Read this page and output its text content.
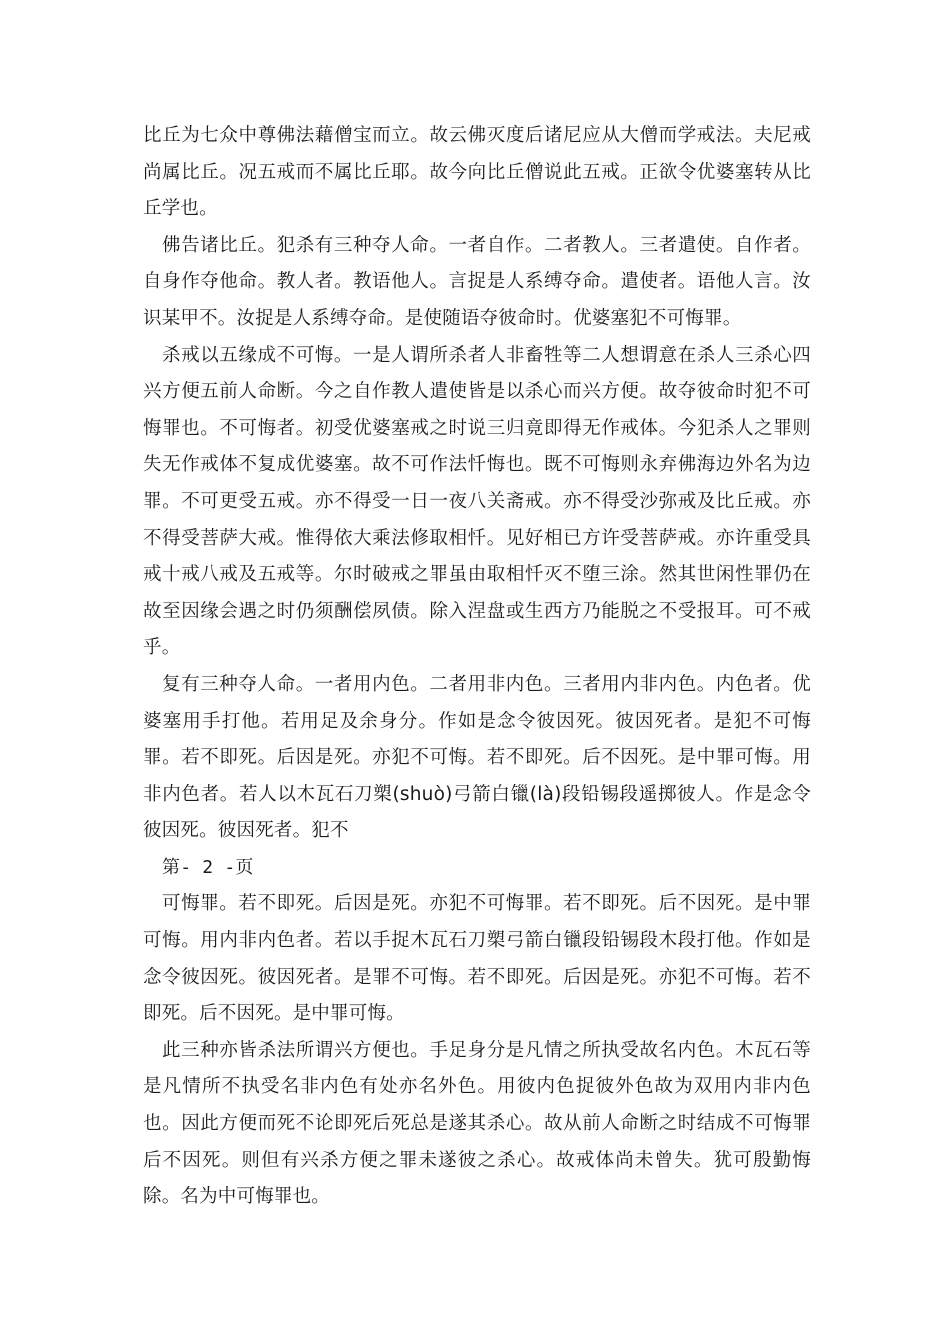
比丘为七众中尊佛法藉僧宝而立。故云佛灭度后诸尼应从大僧而学戒法。夫尼戒尚属比丘。况五戒而不属比丘耶。故今向比丘僧说此五戒。正欲令优婆塞转从比丘学也。

佛告诸比丘。犯杀有三种夺人命。一者自作。二者教人。三者遣使。自作者。自身作夺他命。教人者。教语他人。言捉是人系缚夺命。遣使者。语他人言。汝识某甲不。汝捉是人系缚夺命。是使随语夺彼命时。优婆塞犯不可悔罪。

杀戒以五缘成不可悔。一是人谓所杀者人非畜牲等二人想谓意在杀人三杀心四兴方便五前人命断。今之自作教人遣使皆是以杀心而兴方便。故夺彼命时犯不可悔罪也。不可悔者。初受优婆塞戒之时说三归竟即得无作戒体。今犯杀人之罪则失无作戒体不复成优婆塞。故不可作法忏悔也。既不可悔则永弃佛海边外名为边罪。不可更受五戒。亦不得受一日一夜八关斋戒。亦不得受沙弥戒及比丘戒。亦不得受菩萨大戒。惟得依大乘法修取相忏。见好相已方许受菩萨戒。亦许重受具戒十戒八戒及五戒等。尔时破戒之罪虽由取相忏灭不堕三涂。然其世闲性罪仍在故至因缘会遇之时仍须酬偿夙债。除入涅盘或生西方乃能脱之不受报耳。可不戒乎。

复有三种夺人命。一者用内色。二者用非内色。三者用内非内色。内色者。优婆塞用手打他。若用足及余身分。作如是念令彼因死。彼因死者。是犯不可悔罪。若不即死。后因是死。亦犯不可悔。若不即死。后不因死。是中罪可悔。用非内色者。若人以木瓦石刀槊(shuò)弓箭白镴(là)段铅锡段遥掷彼人。作是念令彼因死。彼因死者。犯不

第- 2 -页

可悔罪。若不即死。后因是死。亦犯不可悔罪。若不即死。后不因死。是中罪可悔。用内非内色者。若以手捉木瓦石刀槊弓箭白镴段铅锡段木段打他。作如是念令彼因死。彼因死者。是罪不可悔。若不即死。后因是死。亦犯不可悔。若不即死。后不因死。是中罪可悔。

此三种亦皆杀法所谓兴方便也。手足身分是凡情之所执受故名内色。木瓦石等是凡情所不执受名非内色有处亦名外色。用彼内色捉彼外色故为双用内非内色也。因此方便而死不论即死后死总是遂其杀心。故从前人命断之时结成不可悔罪后不因死。则但有兴杀方便之罪未遂彼之杀心。故戒体尚未曾失。犹可殷勤悔除。名为中可悔罪也。
